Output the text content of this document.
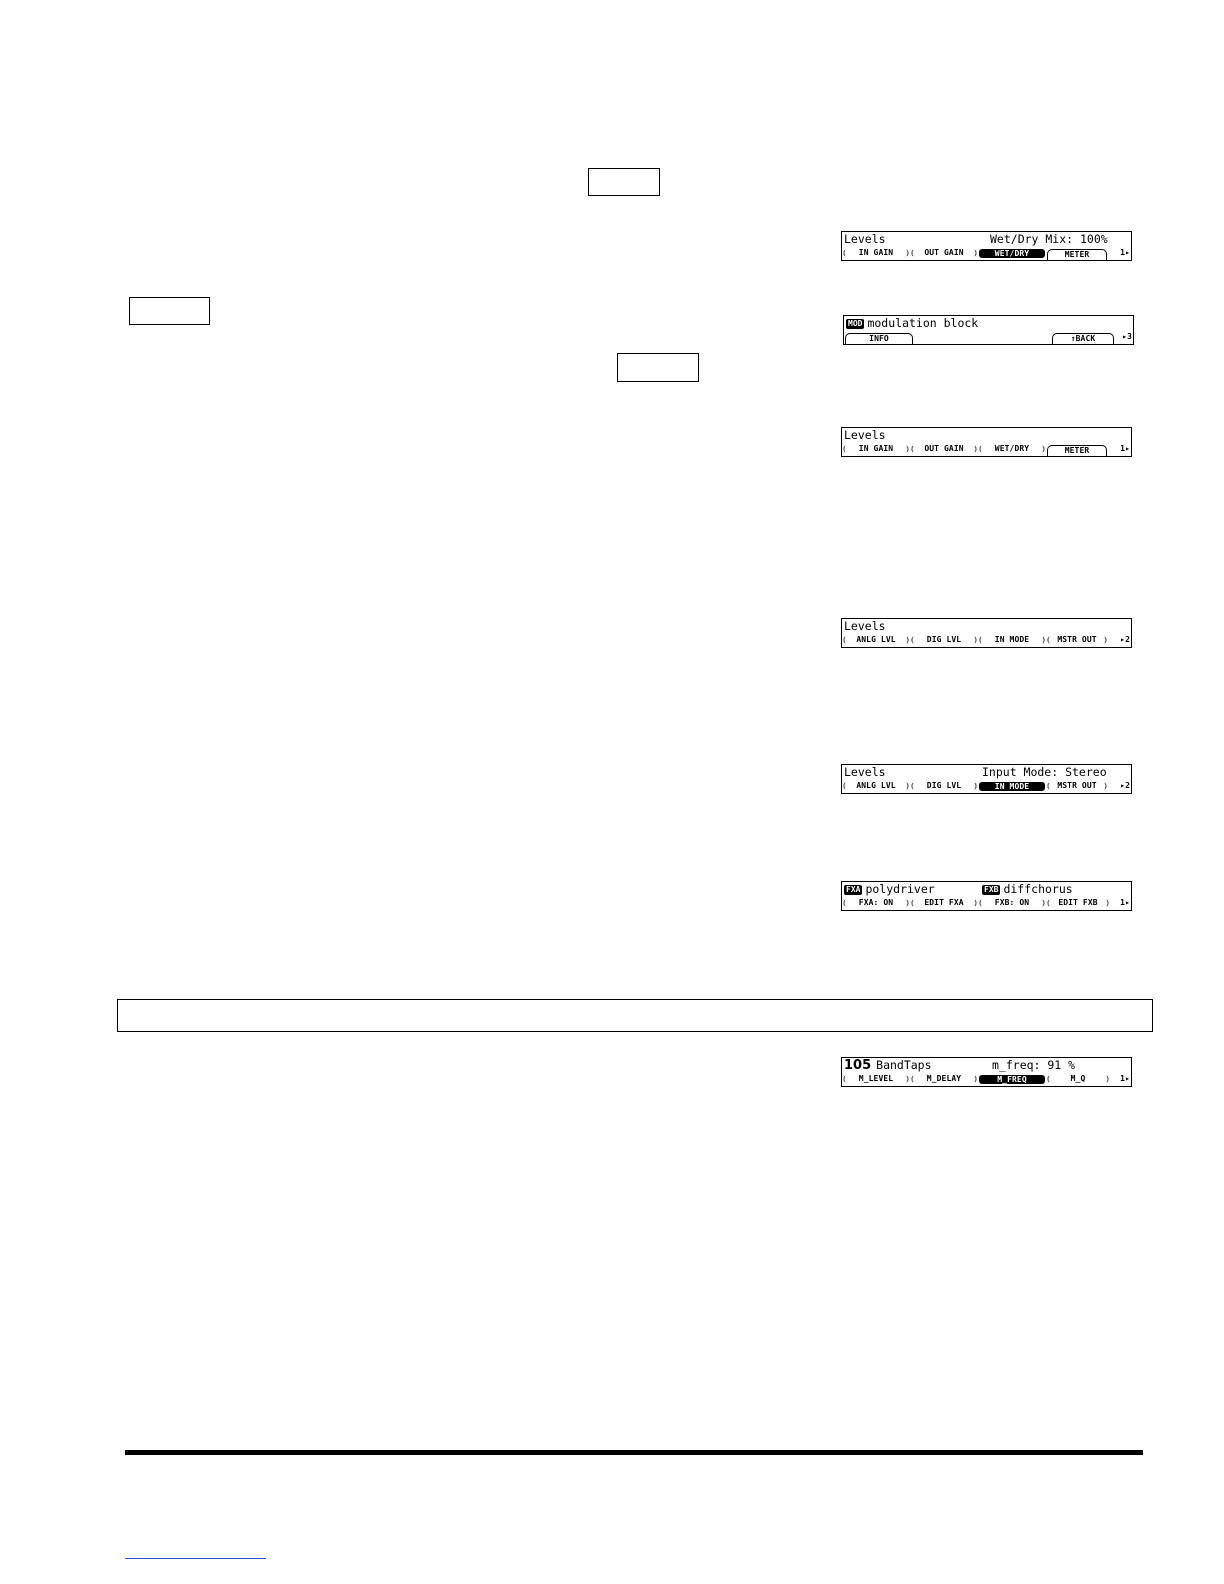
Levels	Wet/Dry Mix: 100%
⦅ IN GAIN ⦆	⦅ OUT GAIN ⦆	WET/DRY	METER	1▸
MOD modulation block
INFO	↑BACK	▸3
Levels
⦅ IN GAIN ⦆	⦅ OUT GAIN ⦆	⦅ WET/DRY ⦆	METER	1▸
Levels
⦅ ANLG LVL ⦆	⦅ DIG LVL ⦆	⦅ IN MODE ⦆	⦅ MSTR OUT ⦆	▸2
Levels	Input Mode: Stereo
⦅ ANLG LVL ⦆	⦅ DIG LVL ⦆	IN MODE	⦅ MSTR OUT ⦆	▸2
FXA polydriver	FXB diffchorus
⦅ FXA: ON ⦆	⦅ EDIT FXA ⦆	⦅ FXB: ON ⦆	⦅ EDIT FXB ⦆	1▸
105 BandTaps	m_freq: 91 %
⦅ M_LEVEL ⦆	⦅ M_DELAY ⦆	M_FREQ	⦅ M_Q ⦆	1▸
